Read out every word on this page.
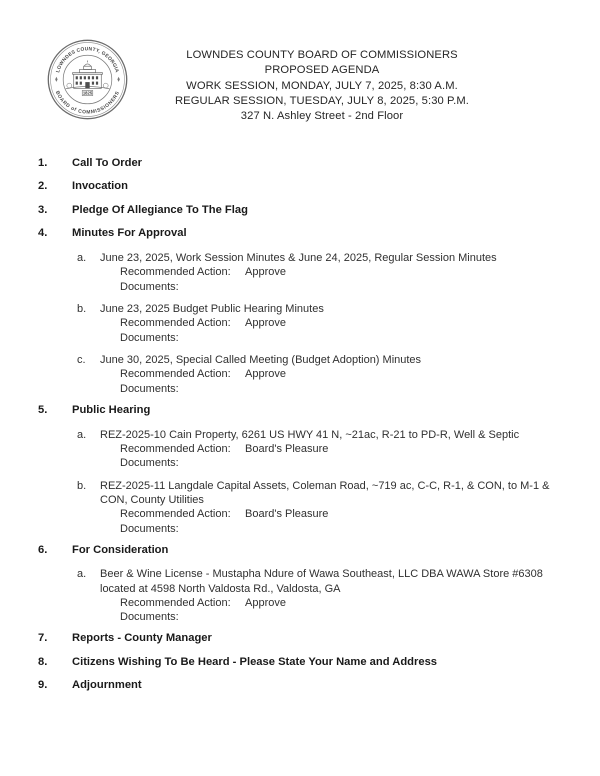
LOWNDES COUNTY, GEORGIA
BOARD of COMMISSIONERS
1825
LOWNDES COUNTY BOARD OF COMMISSIONERS
PROPOSED AGENDA
WORK SESSION, MONDAY, JULY 7, 2025, 8:30 A.M.
REGULAR SESSION, TUESDAY, JULY 8, 2025, 5:30 P.M.
327 N. Ashley Street - 2nd Floor
1. Call To Order
2. Invocation
3. Pledge Of Allegiance To The Flag
4. Minutes For Approval
a. June 23, 2025, Work Session Minutes & June 24, 2025, Regular Session Minutes
Recommended Action: Approve
Documents:
b. June 23, 2025 Budget Public Hearing Minutes
Recommended Action: Approve
Documents:
c. June 30, 2025, Special Called Meeting (Budget Adoption) Minutes
Recommended Action: Approve
Documents:
5. Public Hearing
a. REZ-2025-10 Cain Property, 6261 US HWY 41 N, ~21ac, R-21 to PD-R, Well & Septic
Recommended Action: Board's Pleasure
Documents:
b. REZ-2025-11 Langdale Capital Assets, Coleman Road, ~719 ac, C-C, R-1, & CON, to M-1 & CON, County Utilities
Recommended Action: Board's Pleasure
Documents:
6. For Consideration
a. Beer & Wine License - Mustapha Ndure of Wawa Southeast, LLC DBA WAWA Store #6308 located at 4598 North Valdosta Rd., Valdosta, GA
Recommended Action: Approve
Documents:
7. Reports - County Manager
8. Citizens Wishing To Be Heard - Please State Your Name and Address
9. Adjournment
